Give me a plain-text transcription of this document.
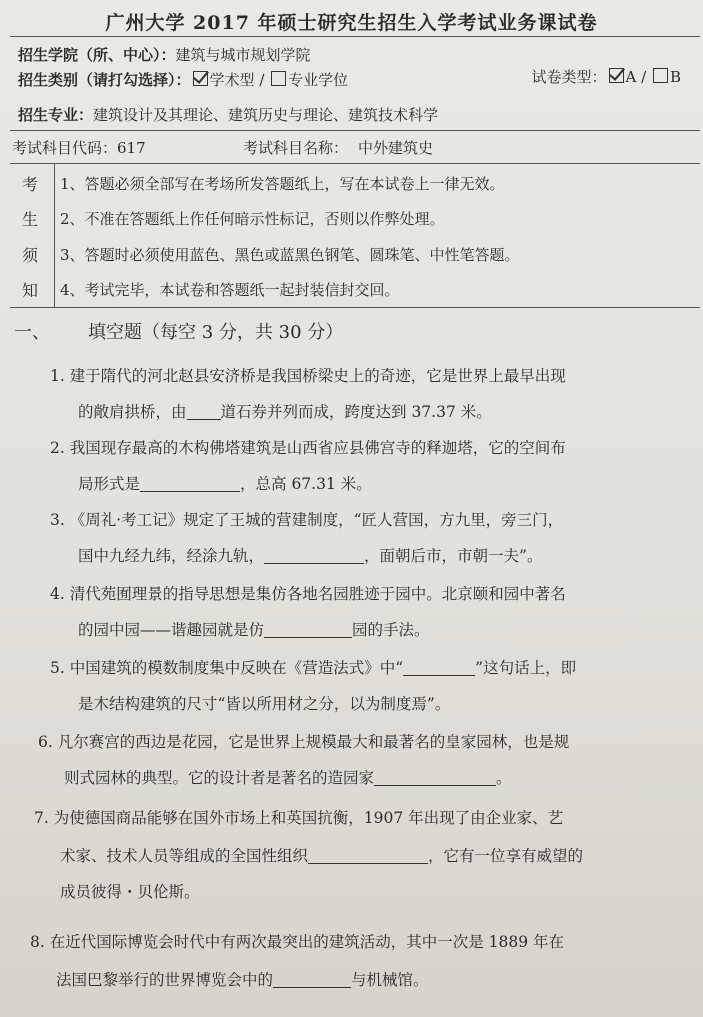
广州大学 2017 年硕士研究生招生入学考试业务课试卷
招生学院（所、中心）：建筑与城市规划学院
招生类别（请打勾选择）： 学术型 / 专业学位	试卷类型： A / B
招生专业：建筑设计及其理论、建筑历史与理论、建筑技术科学
考试科目代码：617	考试科目名称： 中外建筑史
考
生
须
知
1、答题必须全部写在考场所发答题纸上，写在本试卷上一律无效。
2、不准在答题纸上作任何暗示性标记，否则以作弊处理。
3、答题时必须使用蓝色、黑色或蓝黑色钢笔、圆珠笔、中性笔答题。
4、考试完毕，本试卷和答题纸一起封装信封交回。
一、 填空题（每空 3 分，共 30 分）
1. 建于隋代的河北赵县安济桥是我国桥梁史上的奇迹，它是世界上最早出现
的敞肩拱桥，由 道石券并列而成，跨度达到 37.37 米。
2. 我国现存最高的木构佛塔建筑是山西省应县佛宫寺的释迦塔，它的空间布
局形式是	，总高 67.31 米。
3. 《周礼·考工记》规定了王城的营建制度，“匠人营国，方九里，旁三门，
国中九经九纬，经涂九轨，	，面朝后市，市朝一夫”。
4. 清代苑囿理景的指导思想是集仿各地名园胜迹于园中。北京颐和园中著名
的园中园——谐趣园就是仿	园的手法。
5. 中国建筑的模数制度集中反映在《营造法式》中“	”这句话上，即
是木结构建筑的尺寸“皆以所用材之分，以为制度焉”。
6. 凡尔赛宫的西边是花园，它是世界上规模最大和最著名的皇家园林，也是规
则式园林的典型。它的设计者是著名的造园家	。
7. 为使德国商品能够在国外市场上和英国抗衡，1907 年出现了由企业家、艺
术家、技术人员等组成的全国性组织	，它有一位享有威望的
成员彼得・贝伦斯。
8. 在近代国际博览会时代中有两次最突出的建筑活动，其中一次是 1889 年在
法国巴黎举行的世界博览会中的	与机械馆。
